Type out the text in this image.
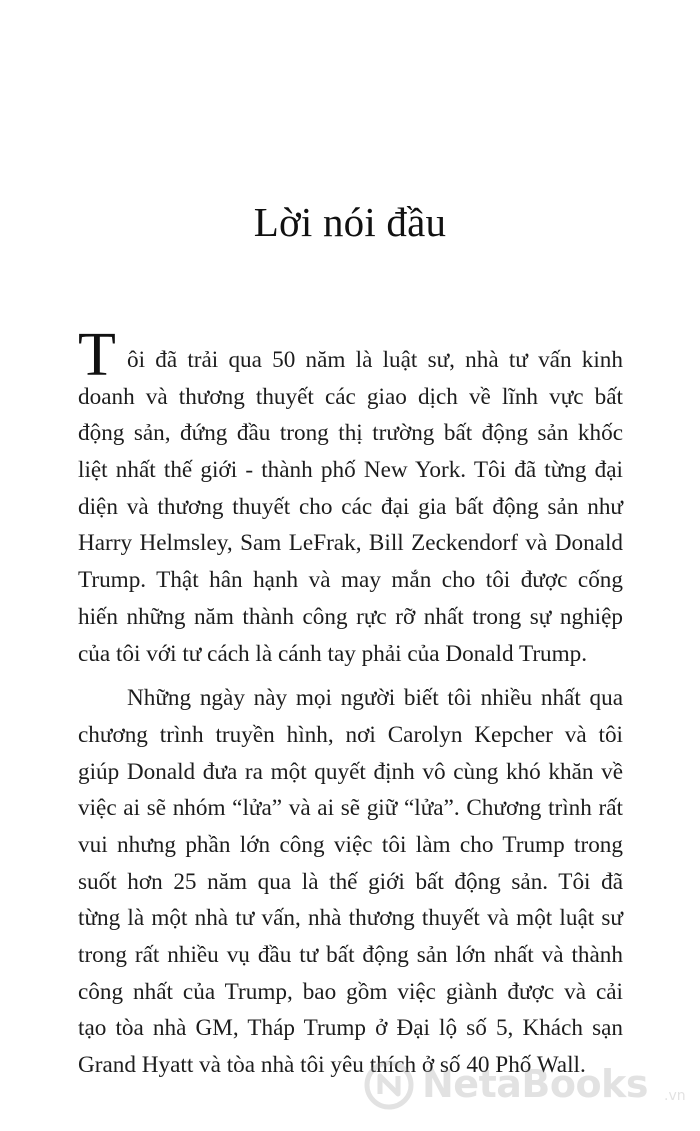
Lời nói đầu

T ôi đã trải qua 50 năm là luật sư, nhà tư vấn kinh
doanh và thương thuyết các giao dịch về lĩnh vực bất
động sản, đứng đầu trong thị trường bất động sản khốc
liệt nhất thế giới - thành phố New York. Tôi đã từng đại
diện và thương thuyết cho các đại gia bất động sản như
Harry Helmsley, Sam LeFrak, Bill Zeckendorf và Donald
Trump. Thật hân hạnh và may mắn cho tôi được cống
hiến những năm thành công rực rỡ nhất trong sự nghiệp
của tôi với tư cách là cánh tay phải của Donald Trump.

Những ngày này mọi người biết tôi nhiều nhất qua
chương trình truyền hình, nơi Carolyn Kepcher và tôi
giúp Donald đưa ra một quyết định vô cùng khó khăn về
việc ai sẽ nhóm “lửa” và ai sẽ giữ “lửa”. Chương trình rất
vui nhưng phần lớn công việc tôi làm cho Trump trong
suốt hơn 25 năm qua là thế giới bất động sản. Tôi đã
từng là một nhà tư vấn, nhà thương thuyết và một luật sư
trong rất nhiều vụ đầu tư bất động sản lớn nhất và thành
công nhất của Trump, bao gồm việc giành được và cải
tạo tòa nhà GM, Tháp Trump ở Đại lộ số 5, Khách sạn
Grand Hyatt và tòa nhà tôi yêu thích ở số 40 Phố Wall.

NetaBooks .vn
